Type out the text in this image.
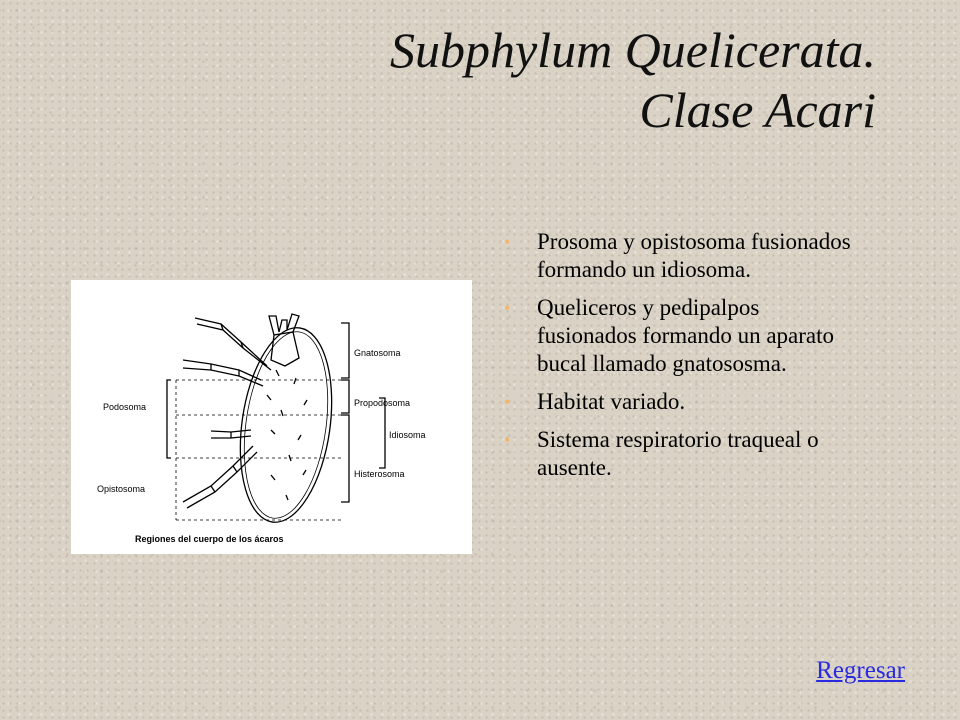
Subphylum Quelicerata.
Clase Acari
Gnatosoma
Propodosoma
Idiosoma
Histerosoma
Podosoma
Opistosoma
Regiones del cuerpo de los ácaros
• Prosoma y opistosoma fusionados formando un idiosoma.
• Queliceros y pedipalpos fusionados formando un aparato bucal llamado gnatososma.
• Habitat variado.
• Sistema respiratorio traqueal o ausente.
Regresar
